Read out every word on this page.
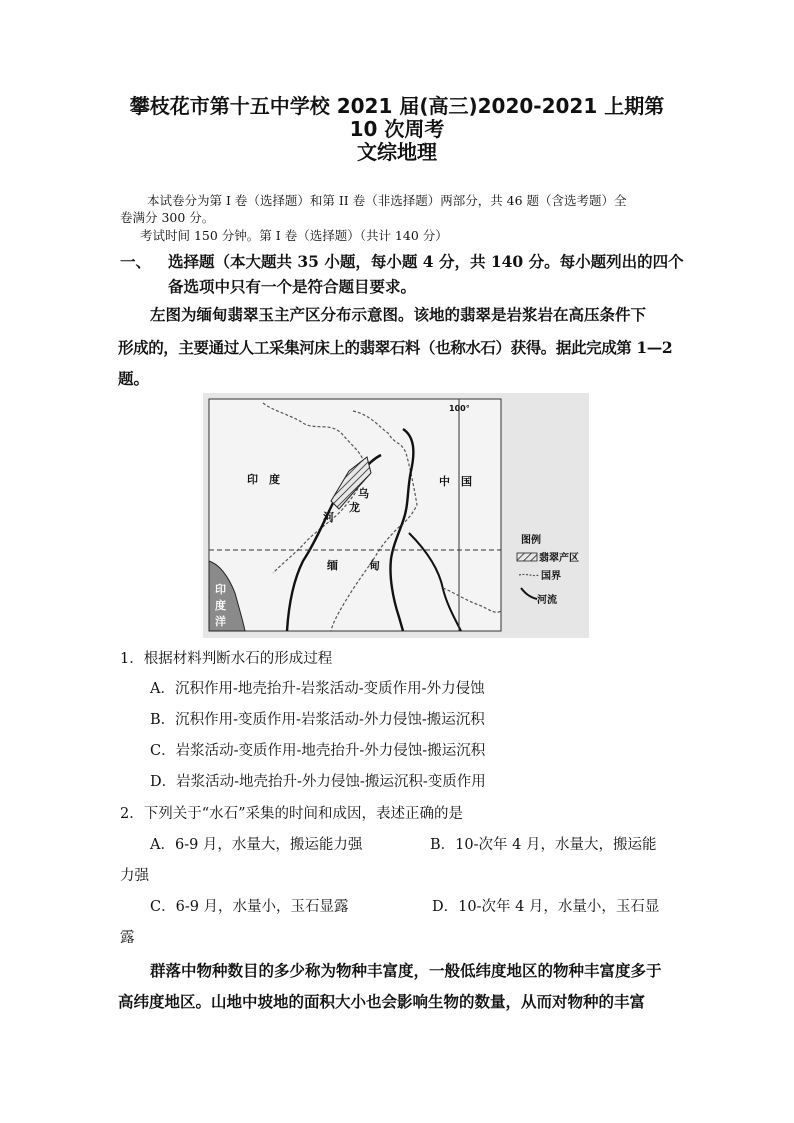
攀枝花市第十五中学校 2021 届(高三)2020-2021 上期第
10 次周考
文综地理
本试卷分为第 I 卷（选择题）和第 II 卷（非选择题）两部分，共 46 题（含选考题）全
卷满分 300 分。
考试时间 150 分钟。第 I 卷（选择题）（共计 140 分）
一、 选择题（本大题共 35 小题，每小题 4 分，共 140 分。每小题列出的四个
备选项中只有一个是符合题目要求。
左图为缅甸翡翠玉主产区分布示意图。该地的翡翠是岩浆岩在高压条件下
形成的，主要通过人工采集河床上的翡翠石料（也称水石）获得。据此完成第 1—2
题。
100°
印　度	中　国
缅	甸
乌
龙
河
印
度
洋
图例
翡翠产区
国界
河流
1．根据材料判断水石的形成过程
A．沉积作用-地壳抬升-岩浆活动-变质作用-外力侵蚀
B．沉积作用-变质作用-岩浆活动-外力侵蚀-搬运沉积
C．岩浆活动-变质作用-地壳抬升-外力侵蚀-搬运沉积
D．岩浆活动-地壳抬升-外力侵蚀-搬运沉积-变质作用
2．下列关于“水石”采集的时间和成因，表述正确的是
A．6-9 月，水量大，搬运能力强	B．10-次年 4 月，水量大，搬运能
力强
C．6-9 月，水量小，玉石显露	D．10-次年 4 月，水量小，玉石显
露
群落中物种数目的多少称为物种丰富度，一般低纬度地区的物种丰富度多于
高纬度地区。山地中坡地的面积大小也会影响生物的数量，从而对物种的丰富
